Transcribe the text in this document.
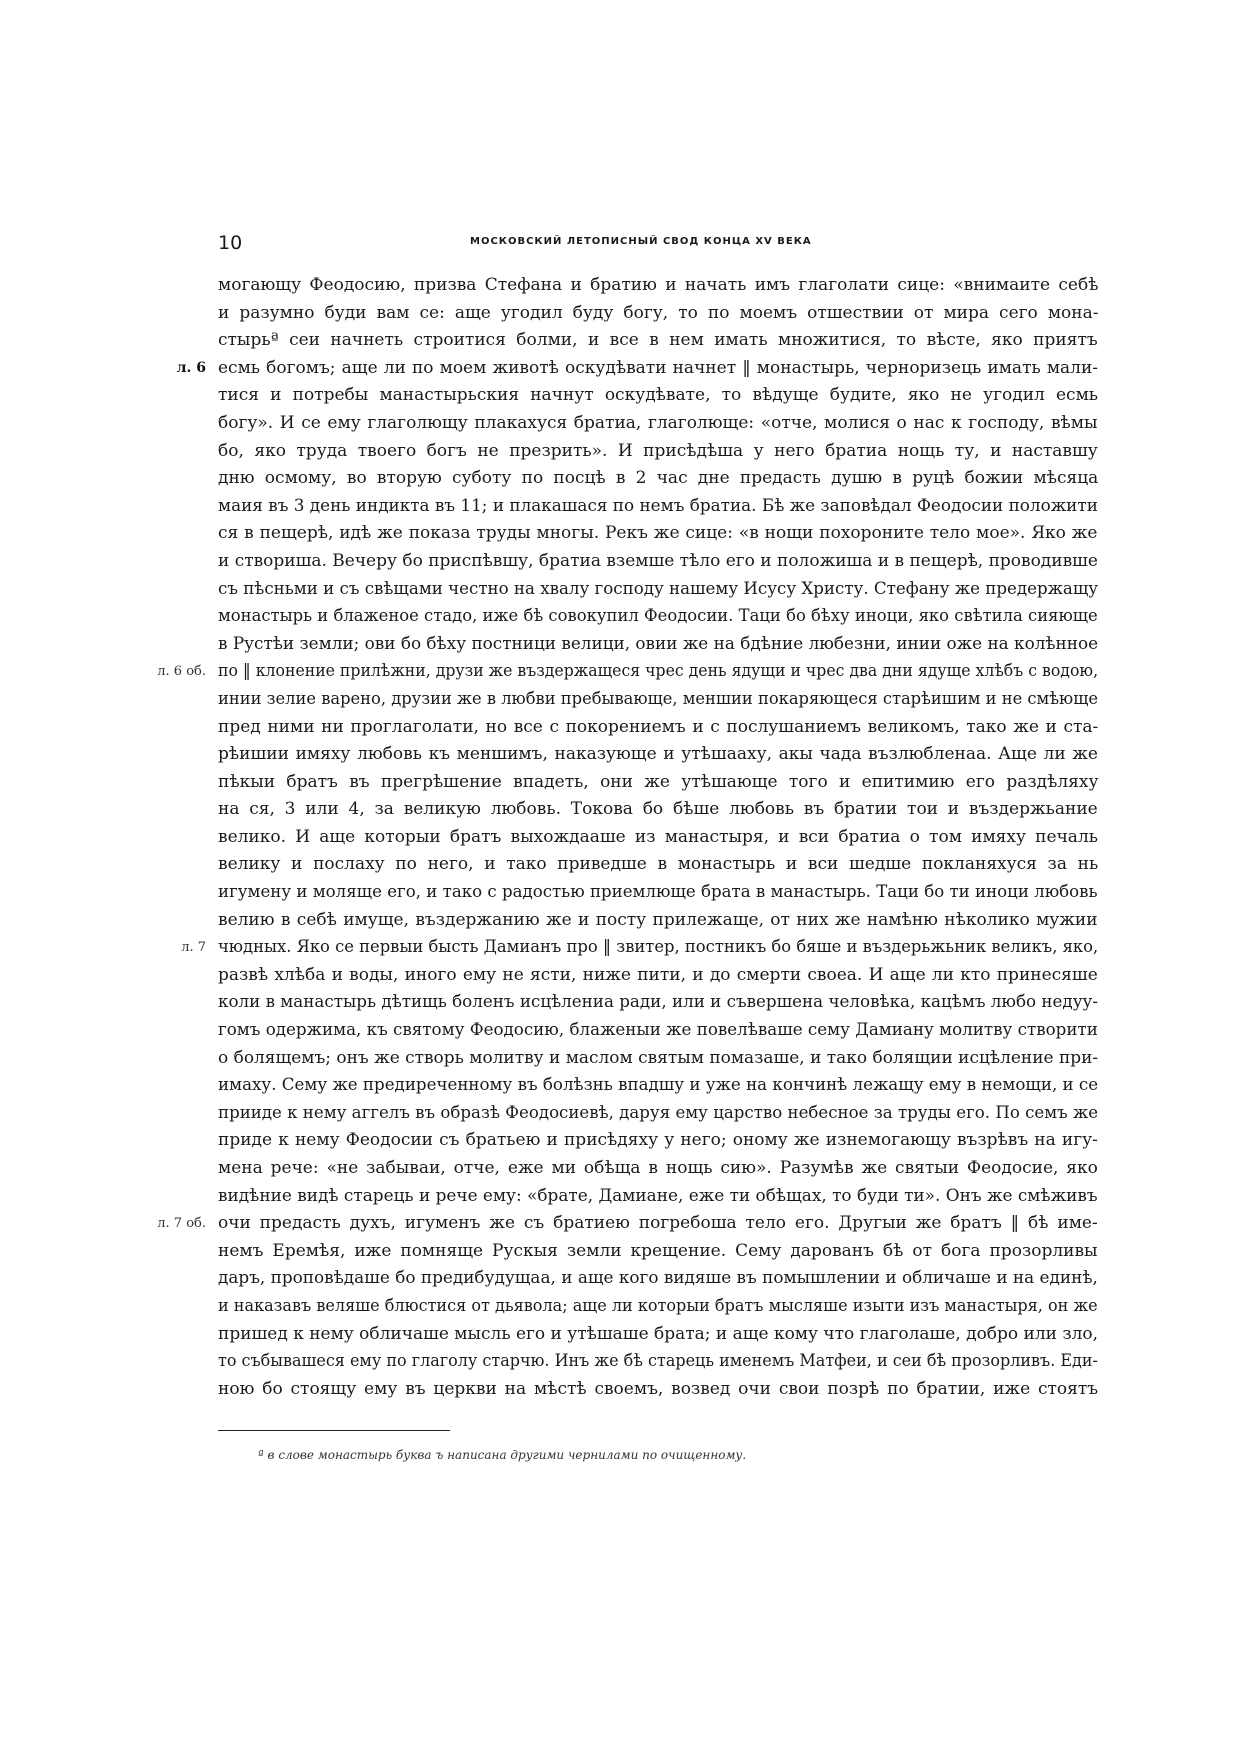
10	МОСКОВСКИЙ ЛЕТОПИСНЫЙ СВОД КОНЦА XV ВЕКА
могающу Феодосию, призва Стефана и братию и начать имъ глаголати сице: «внимаите себѣ
и разумно буди вам се: аще угодил буду богу, то по моемъ отшествии от мира сего мона-
стырьª сеи начнеть строитися болми, и все в нем имать множитися, то вѣсте, яко приятъ
есмь богомъ; аще ли по моем животѣ оскудѣвати начнет ‖ монастырь, черноризець имать мали-
л. 6
тися и потребы манастырьския начнут оскудѣвате, то вѣдуще будите, яко не угодил есмь
богу». И се ему глаголющу плакахуся братиа, глаголюще: «отче, молися о нас к господу, вѣмы
бо, яко труда твоего богъ не презрить». И присѣдѣша у него братиа нощь ту, и наставшу
дню осмому, во вторую суботу по посцѣ в 2 час дне предасть душю в руцѣ божии мѣсяца
маия въ 3 день индикта въ 11; и плакашася по немъ братиа. Бѣ же заповѣдал Феодосии положити
ся в пещерѣ, идѣ же показа труды многы. Рекъ же сице: «в нощи похороните тело мое». Яко же
и створиша. Вечеру бо приспѣвшу, братиа вземше тѣло его и положиша и в пещерѣ, проводивше
съ пѣсньми и съ свѣщами честно на хвалу господу нашему Исусу Христу. Стефану же предержащу
монастырь и блаженое стадо, иже бѣ совокупил Феодосии. Таци бо бѣху иноци, яко свѣтила сияюще
в Рустѣи земли; ови бо бѣху постници велици, овии же на бдѣние любезни, инии оже на колѣнное
по ‖ клонение прилѣжни, друзи же въздержащеся чрес день ядущи и чрес два дни ядуще хлѣбъ с водою,
л. 6 об.
инии зелие варено, друзии же в любви пребывающе, меншии покаряющеся старѣишим и не смѣюще
пред ними ни проглаголати, но все с покорениемъ и с послушаниемъ великомъ, тако же и ста-
рѣишии имяху любовь къ меншимъ, наказующе и утѣшааху, акы чада възлюбленаа. Аще ли же
пѣкыи братъ въ прегрѣшение впадеть, они же утѣшающе того и епитимию его раздѣляху
на ся, 3 или 4, за великую любовь. Токова бо бѣше любовь въ братии тои и въздержьание
велико. И аще которыи братъ выхождааше из манастыря, и вси братиа о том имяху печаль
велику и послаху по него, и тако приведше в монастырь и вси шедше покланяхуся за нь
игумену и моляще его, и тако с радостью приемлюще брата в манастырь. Таци бо ти иноци любовь
велию в себѣ имуще, въздержанию же и посту прилежаще, от них же намѣню нѣколико мужии
чюдных. Яко се первыи бысть Дамианъ про ‖ звитер, постникъ бо бяше и въздерьжьник великъ, яко,
л. 7
развѣ хлѣба и воды, иного ему не ясти, ниже пити, и до смерти своеа. И аще ли кто принесяше
коли в манастырь дѣтищь боленъ исцѣлениа ради, или и съвершена человѣка, кацѣмъ любо недуу-
гомъ одержима, къ святому Феодосию, блаженыи же повелѣваше сему Дамиану молитву створити
о болящемъ; онъ же створь молитву и маслом святым помазаше, и тако болящии исцѣление при-
имаху. Сему же предиреченному въ болѣзнь впадшу и уже на кончинѣ лежащу ему в немощи, и се
прииде к нему аггелъ въ образѣ Феодосиевѣ, даруя ему царство небесное за труды его. По семъ же
приде к нему Феодосии съ братьею и присѣдяху у него; оному же изнемогающу възрѣвъ на игу-
мена рече: «не забываи, отче, еже ми обѣща в нощь сию». Разумѣв же святыи Феодосие, яко
видѣние видѣ старець и рече ему: «брате, Дамиане, еже ти обѣщах, то буди ти». Онъ же смѣживъ
очи предасть духъ, игуменъ же съ братиею погребоша тело его. Другыи же братъ ‖ бѣ име-
л. 7 об.
немъ Еремѣя, иже помняще Рускыя земли крещение. Сему дарованъ бѣ от бога прозорливы
даръ, проповѣдаше бо предибудущаа, и аще кого видяше въ помышлении и обличаше и на единѣ,
и наказавъ веляше блюстися от дьявола; аще ли которыи братъ мысляше изыти изъ манастыря, он же
пришед к нему обличаше мысль его и утѣшаше брата; и аще кому что глаголаше, добро или зло,
то събывашеся ему по глаголу старчю. Инъ же бѣ старець именемъ Матфеи, и сеи бѣ прозорливъ. Еди-
ною бо стоящу ему въ церкви на мѣстѣ своемъ, возвед очи свои позрѣ по братии, иже стоятъ
ª в слове монастырь буква ъ написана другими чернилами по очищенному.
